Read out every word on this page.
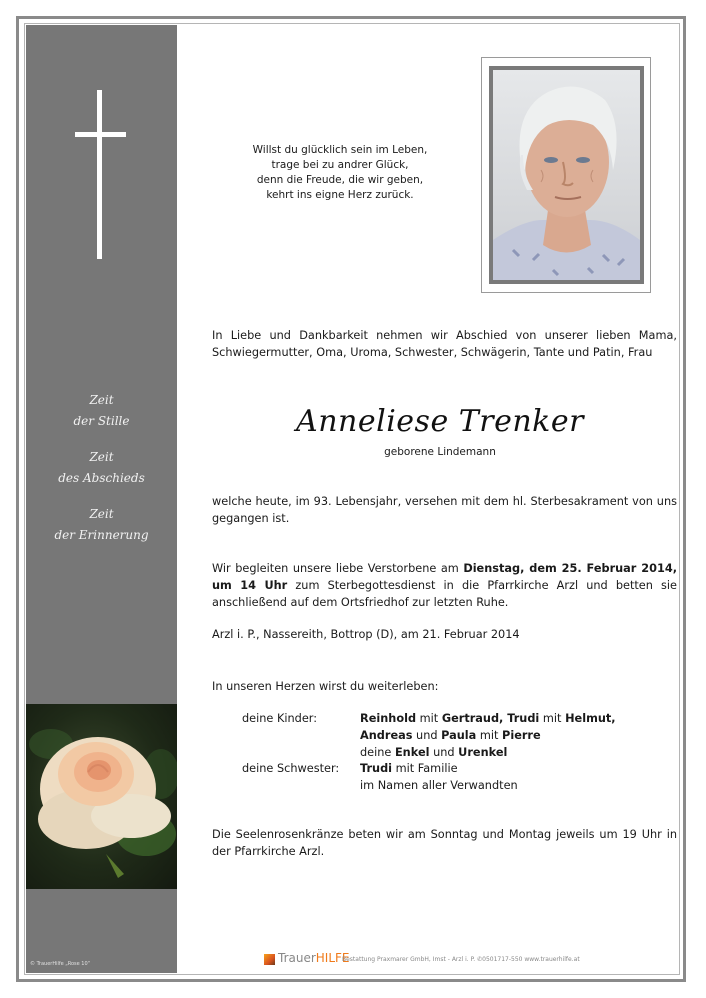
Zeit
der Stille
Zeit
des Abschieds
Zeit
der Erinnerung
© TrauerHilfe „Rose 10“
Willst du glücklich sein im Leben,
trage bei zu andrer Glück,
denn die Freude, die wir geben,
kehrt ins eigne Herz zurück.
In Liebe und Dankbarkeit nehmen wir Abschied von unserer lieben Mama, Schwiegermutter, Oma, Uroma, Schwester, Schwägerin, Tante und Patin, Frau
Anneliese Trenker
geborene Lindemann
welche heute, im 93. Lebensjahr, versehen mit dem hl. Sterbesakrament von uns gegangen ist.
Wir begleiten unsere liebe Verstorbene am Dienstag, dem 25. Februar 2014, um 14 Uhr zum Sterbegottesdienst in die Pfarrkirche Arzl und betten sie anschließend auf dem Ortsfriedhof zur letzten Ruhe.
Arzl i. P., Nassereith, Bottrop (D), am 21. Februar 2014
In unseren Herzen wirst du weiterleben:
deine Kinder:	Reinhold mit Gertraud, Trudi mit Helmut,
Andreas und Paula mit Pierre
deine Enkel und Urenkel
deine Schwester: Trudi mit Familie
im Namen aller Verwandten
Die Seelenrosenkränze beten wir am Sonntag und Montag jeweils um 19 Uhr in der Pfarrkirche Arzl.
TrauerHILFE
Bestattung Praxmarer GmbH, Imst - Arzl i. P. ✆0501717-550 www.trauerhilfe.at
